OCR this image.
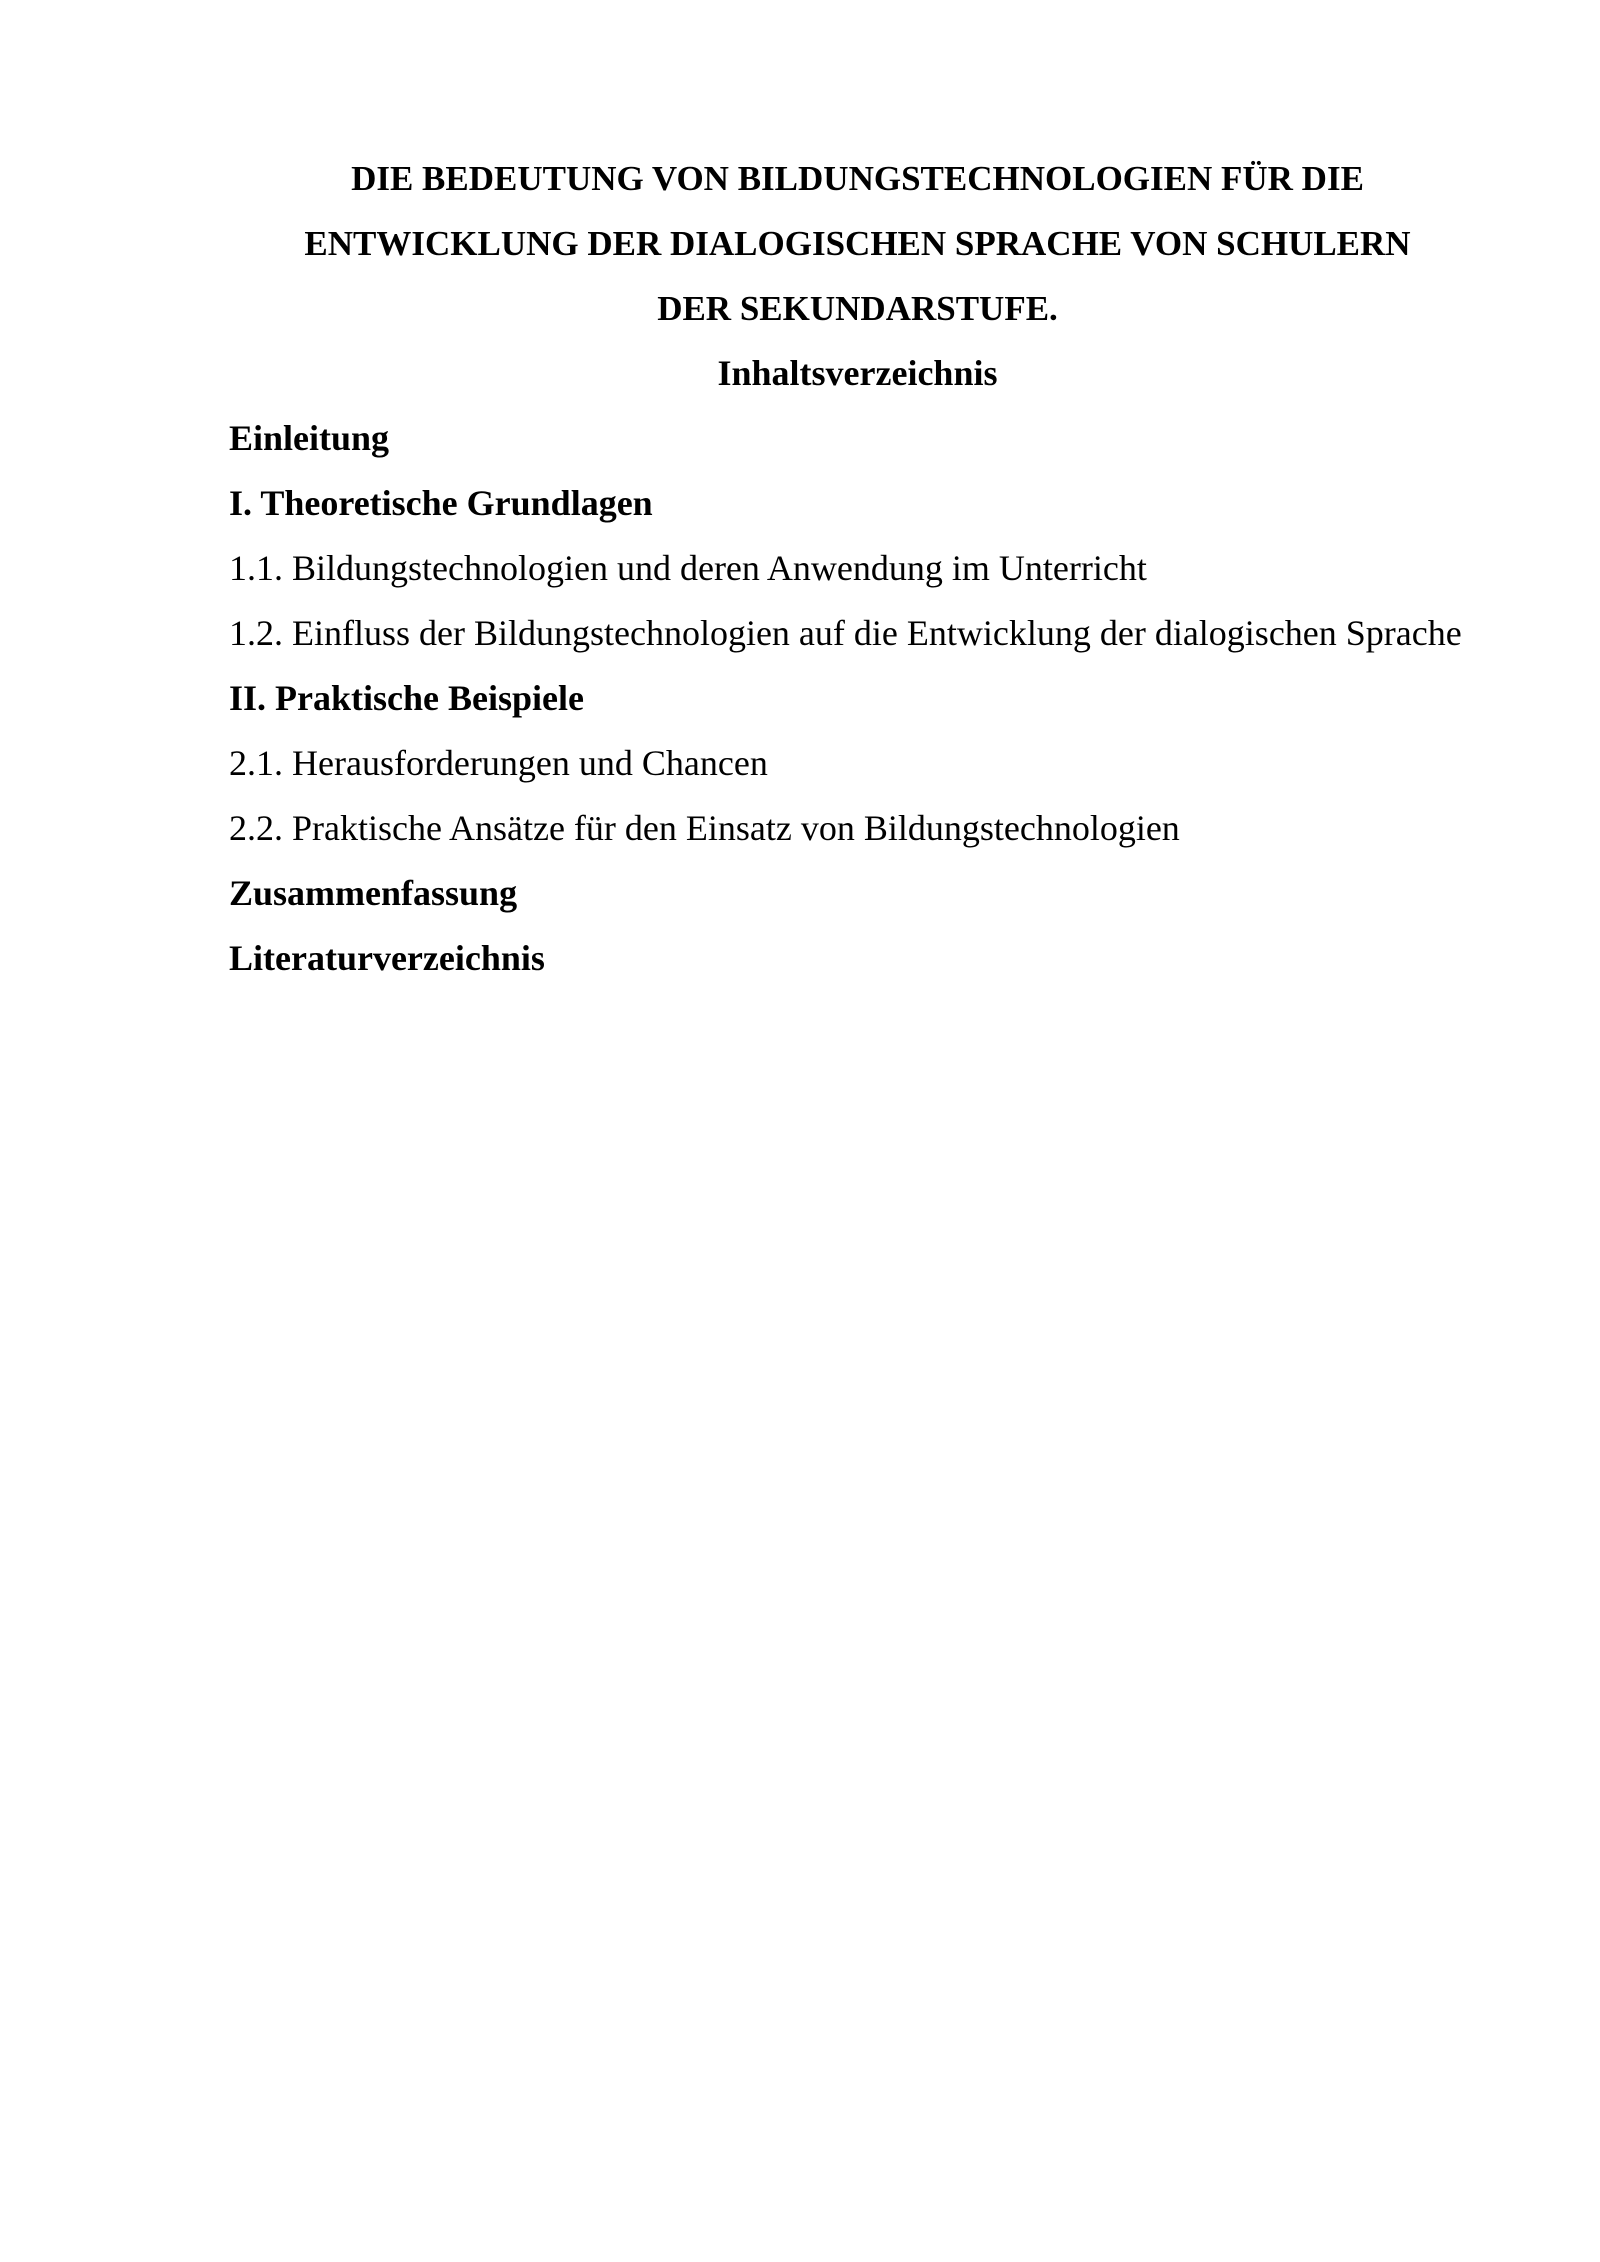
DIE BEDEUTUNG VON BILDUNGSTECHNOLOGIEN FÜR DIE
ENTWICKLUNG DER DIALOGISCHEN SPRACHE VON SCHULERN
DER SEKUNDARSTUFE.
Inhaltsverzeichnis
Einleitung
I. Theoretische Grundlagen
1.1. Bildungstechnologien und deren Anwendung im Unterricht
1.2. Einfluss der Bildungstechnologien auf die Entwicklung der dialogischen Sprache
II. Praktische Beispiele
2.1. Herausforderungen und Chancen
2.2. Praktische Ansätze für den Einsatz von Bildungstechnologien
Zusammenfassung
Literaturverzeichnis
